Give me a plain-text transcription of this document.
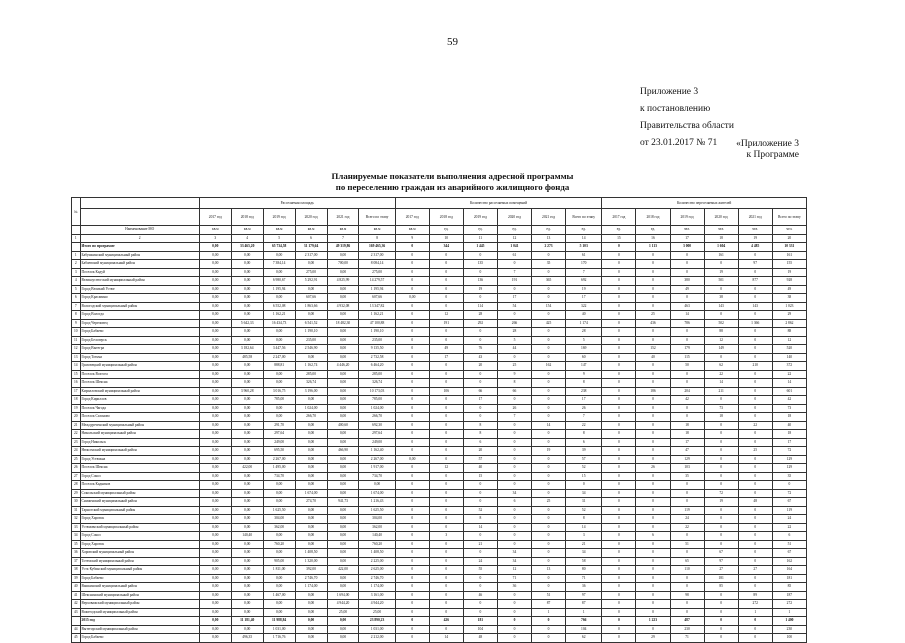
59
Приложение 3
к постановлению
Правительства области
от 23.01.2017 № 71	«Приложение 3
к Программе
Планируемые показатели выполнения адресной программы
по переселению граждан из аварийного жилищного фонда
№		Расселяемая площадь						Количество расселяемых помещений						Количество переселяемых жителей					
		2017 год	2018 год	2019 год	2020 год	2021 год	Всего по этапу	2017 год	2018 год	2019 год	2020 год	2021 год	Всего по этапу	2017 год	2018 год	2019 год	2020 год	2021 год	Всего по этапу
	Наименование МО	кв.м	кв.м	кв.м	кв.м	кв.м	кв.м	кв.м	ед.	ед.	ед.	ед.	ед.	ед.	ед.	чел.	чел.	чел.	чел.
1	2	3	4	5	6	7	8	9	10	11	12	13	14	15	16	17	18	19	20
	Итого по программе	0,00	33 465,20	65 734,58	31 179,64	49 319,86	169 465,36	0	344	1 445	1 041	2 273	5 103	0	1 113	3 000	1 604	4 485	10 331
1	Бабушкинский муниципальный район	0,00	0,00	0,00	2 317,00	0,00	2 317,00	0	0	0	61	0	61	0	0	0	161	0	161
2	Бабаевский муниципальный район	0,00	0,00	7 384,14	0,00	700,00	8 084,14	0	0	135	0	35	170	0	0	0	0	97	155
3	Поселок Кадуй	0,00	0,00	0,00	275,00	0,00	275,00	0	0	0	7	0	7	0	0	0	19	0	19
4	Великоустюгский муниципальный район	0,00	0,00	6 980,67	5 292,91	4 825,99	14 279,57	0	0	136	191	365	692	0	0	380	501	877	928
5	Город Великий Устюг	0,00	0,00	1 195,94	0,00	0,00	1 195,94	0	0	19	0	0	19	0	0	49	0	0	49
6	Город Красавино	0,00	0,00	0,00	607,66	0,00	607,66	0,00	0	0	17	0	17	0	0	0	38	0	38
7	Вологодский муниципальный район	0,00	0,00	6 552,08	1 863,66	4 932,08	13 347,82	0	0	114	54	154	322	0	0	463	143	143	1 023
8	Город Вологда	0,00	0,00	1 162,21	0,00	0,00	1 162,21	0	12	28	0	0	40	0	25	14	0	0	29
9	Город Череповец	0,00	5 642,33	16 434,73	6 541,52	18 482,30	47 100,88	0	191	292	266	425	1 174	0	436	786	502	1 366	2 862
10	Город Бабаево	0,00	0,00	0,00	1 190,10	0,00	1 190,10	0	0	0	28	0	28	0	0	0	88	0	88
11	Город Белозерск	0,00	0,00	0,00	235,00	0,00	235,00	0	0	0	5	0	5	0	0	0	12	0	12
12	Город Вытегра	0,00	3 182,64	3 447,56	2 546,90	0,00	9 135,50	0	49	76	44	0	169	0	152	179	149	0	520
13	Город Тотьма	0,00	485,58	2 247,00	0,00	0,00	2 732,58	0	17	43	0	0	60	0	40	115	0	0	140
14	Грязовецкий муниципальный район	0,00	0,00	888,81	1 162,74	4 446,20	6 464,20	0	0	20	25	162	147	0	0	50	62	210	372
15	Поселок Вохтога	0,00	0,00	0,00	285,00	0,00	285,00	0	0	0	9	0	9	0	0	0	22	0	22
16	Поселок Шексна	0,00	0,00	0,00	326,74	0,00	326,74	0	0	0	8	0	8	0	0	0	14	0	14
17	Кирилловский муниципальный район	0,00	3 960,28	3 016,75	3 196,00	0,00	10 173,03	0	106	66	66	0	238	0	186	204	211	0	601
18	Город Кириллов	0,00	0,00	785,00	0,00	0,00	785,00	0	0	17	0	0	17	0	0	42	0	0	42
19	Поселок Чагода	0,00	0,00	0,00	1 024,00	0,00	1 024,00	0	0	0	26	0	26	0	0	0	73	0	73
20	Поселок Сазоново	0,00	0,00	0,00	266,70	0,00	266,70	0	0	0	7	0	7	0	0	0	18	0	18
21	Междуреченский муниципальный район	0,00	0,00	291,70	0,00	400,60	692,30	0	0	8	0	14	22	0	0	18	0	22	40
22	Никольский муниципальный район	0,00	0,00	297,64	0,00	0,00	297,64	0	0	8	0	0	8	0	0	18	0	0	18
23	Город Никольск	0,00	0,00	249,00	0,00	0,00	249,00	0	0	6	0	0	6	0	0	17	0	0	17
24	Нюксенский муниципальный район	0,00	0,00	695,50	0,00	466,90	1 162,40	0	0	20	0	19	39	0	0	47	0	25	72
25	Город Устюжна	0,00	0,00	2 267,00	0,00	0,00	2 267,00	0,00	0	57	0	0	57	0	0	129	0	0	129
26	Поселок Шексна	0,00	422,00	1 495,00	0,00	0,00	1 917,00	0	12	40	0	0	52	0	26	103	0	0	129
27	Город Сокол	0,00	0,00	734,70	0,00	0,00	734,70	0	0	15	0	0	15	0	0	35	0	0	35
28	Поселок Кадников	0,00	0,00	0,00	0,00	0,00	0,00	0	0	0	0	0	0	0	0	0	0	0	0
29	Сокольский муниципальный район	0,00	0,00	0,00	1 674,00	0,00	1 674,00	0	0	0	34	0	34	0	0	0	72	0	72
30	Сямженский муниципальный район	0,00	0,00	0,00	274,70	941,73	1 216,43	0	0	0	6	25	31	0	0	0	19	48	67
31	Тарногский муниципальный район	0,00	0,00	1 625,50	0,00	0,00	1 625,50	0	0	52	0	0	52	0	0	119	0	0	119
32	Город Харовск	0,00	0,00	304,00	0,00	0,00	304,00	0	0	8	0	0	8	0	0	24	0	0	24
33	Устюженский муниципальный район	0,00	0,00	362,00	0,00	0,00	362,00	0	0	14	0	0	14	0	0	22	0	0	22
34	Город Сокол	0,00	140,40	0,00	0,00	0,00	140,40	0	3	0	0	0	3	0	6	0	0	0	6
35	Город Харовск	0,00	0,00	760,20	0,00	0,00	760,20	0	0	21	0	0	21	0	0	51	0	0	51
36	Харовский муниципальный район	0,00	0,00	0,00	1 408,50	0,00	1 408,50	0	0	0	34	0	34	0	0	0	67	0	67
37	Тотемский муниципальный район	0,00	0,00	905,00	1 320,00	0,00	2 225,00	0	0	24	34	0	58	0	0	65	97	0	162
38	Усть-Кубинский муниципальный район	0,00	0,00	1 811,00	392,00	422,00	2 625,00	0	0	55	12	13	80	0	0	110	27	27	164
39	Город Бабаево	0,00	0,00	0,00	2 746,70	0,00	2 746,70	0	0	0	71	0	71	0	0	0	181	0	181
40	Вашкинский муниципальный район	0,00	0,00	0,00	1 174,00	0,00	1 174,00	0	0	0	36	0	36	0	0	0	85	0	85
41	Шекснинский муниципальный район	0,00	0,00	1 467,00	0,00	1 694,00	3 161,00	0	0	46	0	51	97	0	0	98	0	89	187
42	Верховажский муниципальный район	0,00	0,00	0,00	0,00	4 944,20	4 944,20	0	0	0	0	87	87	0	0	0	0	272	272
43	Вожегодский муниципальный район	0,00	0,00	0,00	0,00	25,00	25,00	0	0	0	0	1	1	0	0	0	0	1	1
	2015 год	0,00	11 181,40	11 988,84	0,00	0,00	23 890,23	0	426	181	0	0	766	0	1 223	487	0	0	1 400
44	Вытегорский муниципальный район	0,00	0,00	1 031,00	0,00	0,00	1 031,00	0	0	104	0	0	104	0	0	230	0	0	230
45	Город Бабаево	0,00	496,35	1 716,76	0,00	0,00	2 212,00	0	14	48	0	0	62	0	29	71	0	0	100
